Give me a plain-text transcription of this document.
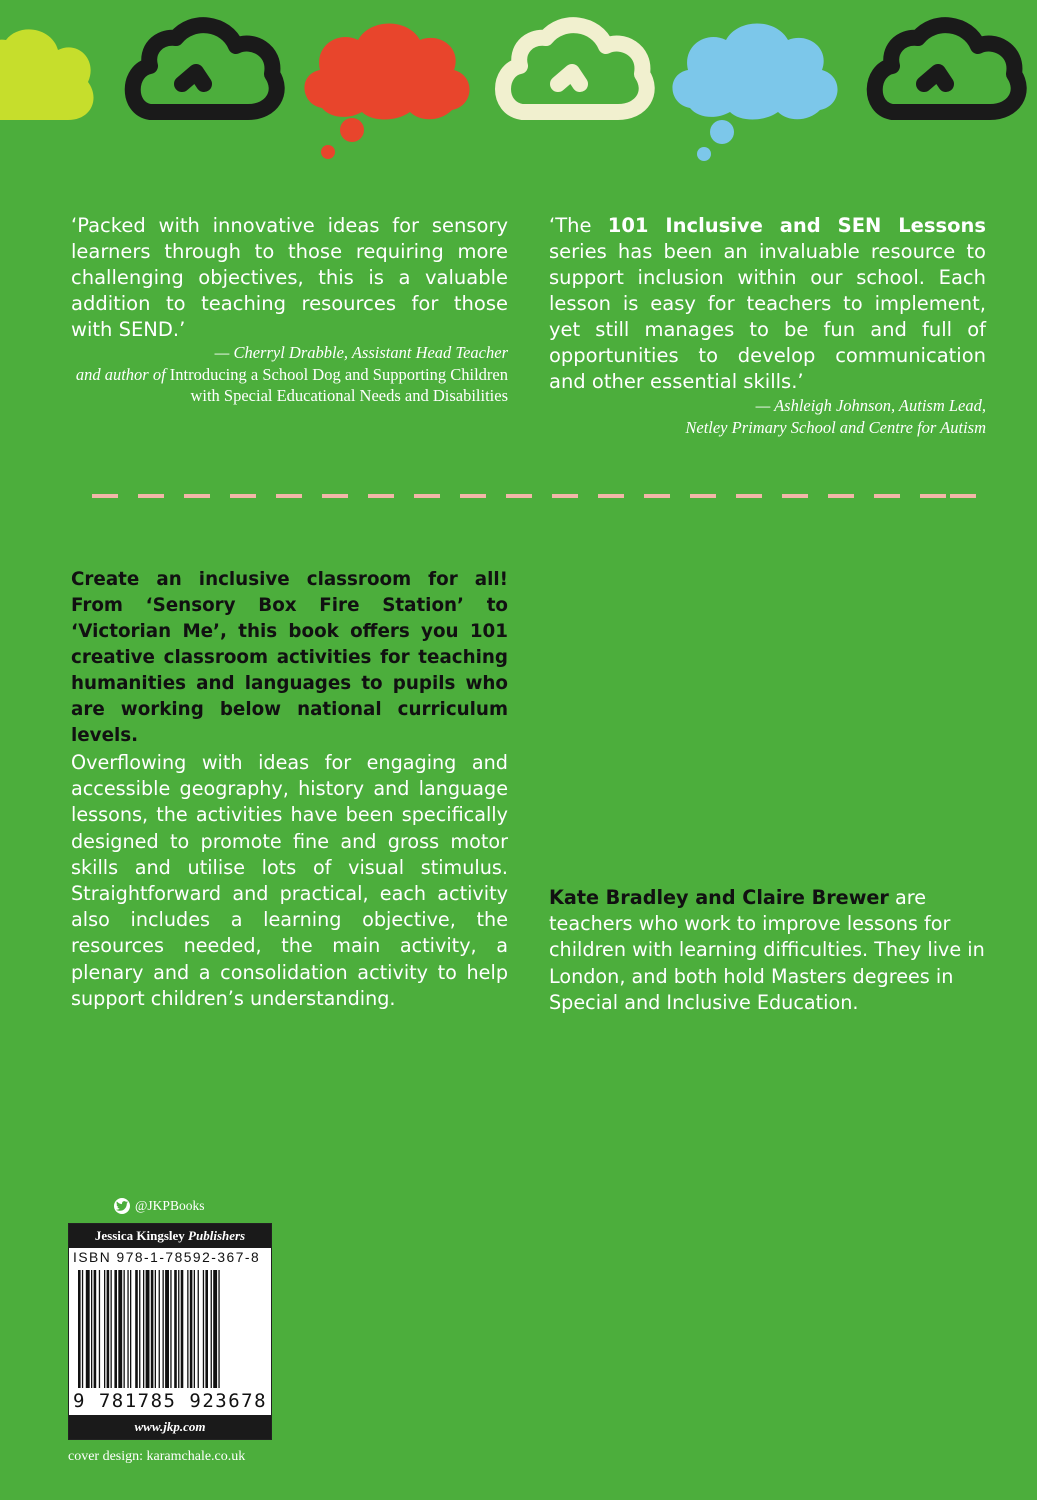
‘Packed with innovative ideas for sensory learners through to those requiring more challenging objectives, this is a valuable addition to teaching resources for those with SEND.’
— Cherryl Drabble, Assistant Head Teacher
and author of Introducing a School Dog and Supporting Children with Special Educational Needs and Disabilities
‘The 101 Inclusive and SEN Lessons series has been an invaluable resource to support inclusion within our school. Each lesson is easy for teachers to implement, yet still manages to be fun and full of opportunities to develop communication and other essential skills.’
— Ashleigh Johnson, Autism Lead,
Netley Primary School and Centre for Autism
Create an inclusive classroom for all! From ‘Sensory Box Fire Station’ to ‘Victorian Me’, this book offers you 101 creative classroom activities for teaching humanities and languages to pupils who are working below national curriculum levels.
Overflowing with ideas for engaging and accessible geography, history and language lessons, the activities have been specifically designed to promote fine and gross motor skills and utilise lots of visual stimulus. Straightforward and practical, each activity also includes a learning objective, the resources needed, the main activity, a plenary and a consolidation activity to help support children’s understanding.
Kate Bradley and Claire Brewer are teachers who work to improve lessons for children with learning difficulties. They live in London, and both hold Masters degrees in Special and Inclusive Education.
@JKPBooks
Jessica Kingsley Publishers
ISBN 978-1-78592-367-8
9 781785 923678
www.jkp.com
cover design: karamchale.co.uk
